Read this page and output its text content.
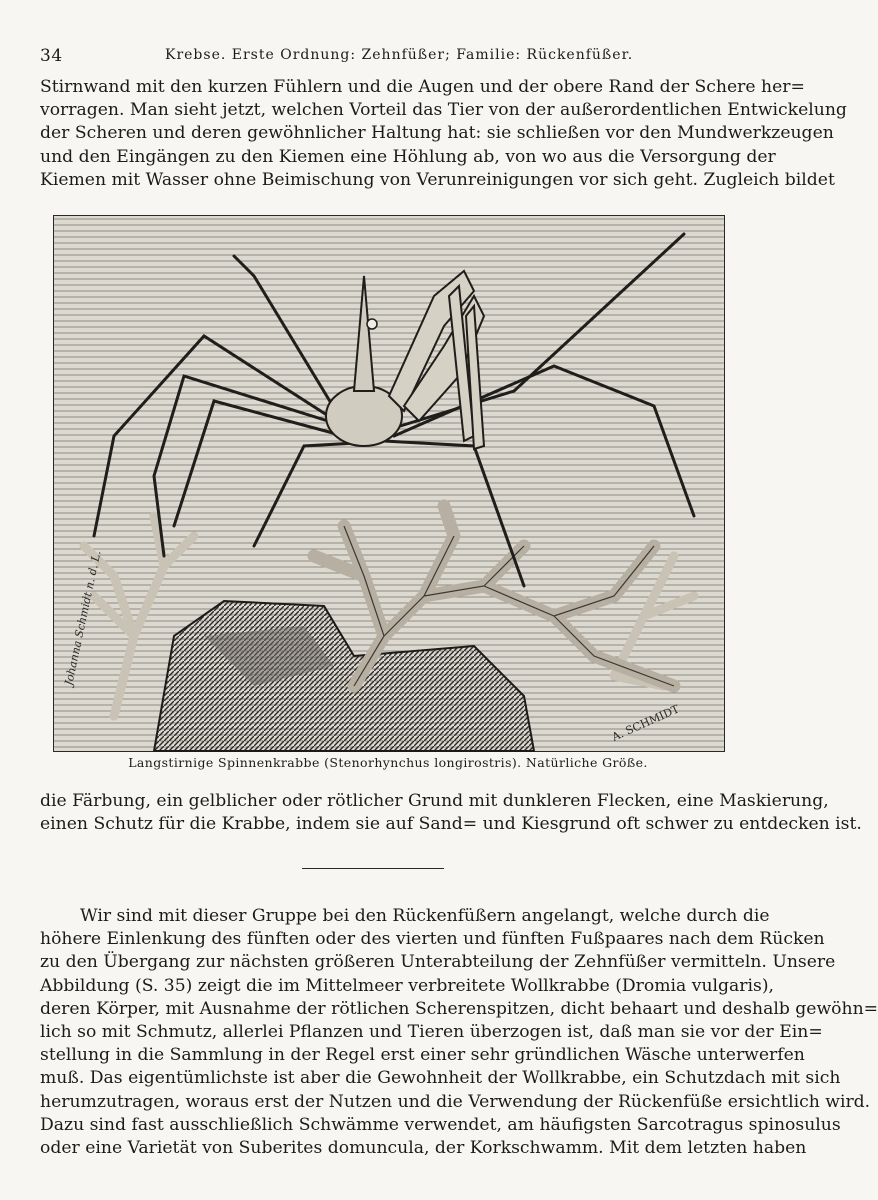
34	Krebse. Erste Ordnung: Zehnfüßer; Familie: Rückenfüßer.
Stirnwand mit den kurzen Fühlern und die Augen und der obere Rand der Schere her=
vorragen. Man sieht jetzt, welchen Vorteil das Tier von der außerordentlichen Entwickelung
der Scheren und deren gewöhnlicher Haltung hat: sie schließen vor den Mundwerkzeugen
und den Eingängen zu den Kiemen eine Höhlung ab, von wo aus die Versorgung der
Kiemen mit Wasser ohne Beimischung von Verunreinigungen vor sich geht. Zugleich bildet
Johanna Schmidt n. d. L.
A. SCHMIDT
Langstirnige Spinnenkrabbe (Stenorhynchus longirostris). Natürliche Größe.
die Färbung, ein gelblicher oder rötlicher Grund mit dunkleren Flecken, eine Maskierung,
einen Schutz für die Krabbe, indem sie auf Sand= und Kiesgrund oft schwer zu entdecken ist.
Wir sind mit dieser Gruppe bei den Rückenfüßern angelangt, welche durch die
höhere Einlenkung des fünften oder des vierten und fünften Fußpaares nach dem Rücken
zu den Übergang zur nächsten größeren Unterabteilung der Zehnfüßer vermitteln. Unsere
Abbildung (S. 35) zeigt die im Mittelmeer verbreitete Wollkrabbe (Dromia vulgaris),
deren Körper, mit Ausnahme der rötlichen Scherenspitzen, dicht behaart und deshalb gewöhn=
lich so mit Schmutz, allerlei Pflanzen und Tieren überzogen ist, daß man sie vor der Ein=
stellung in die Sammlung in der Regel erst einer sehr gründlichen Wäsche unterwerfen
muß. Das eigentümlichste ist aber die Gewohnheit der Wollkrabbe, ein Schutzdach mit sich
herumzutragen, woraus erst der Nutzen und die Verwendung der Rückenfüße ersichtlich wird.
Dazu sind fast ausschließlich Schwämme verwendet, am häufigsten Sarcotragus spinosulus
oder eine Varietät von Suberites domuncula, der Korkschwamm. Mit dem letzten haben
